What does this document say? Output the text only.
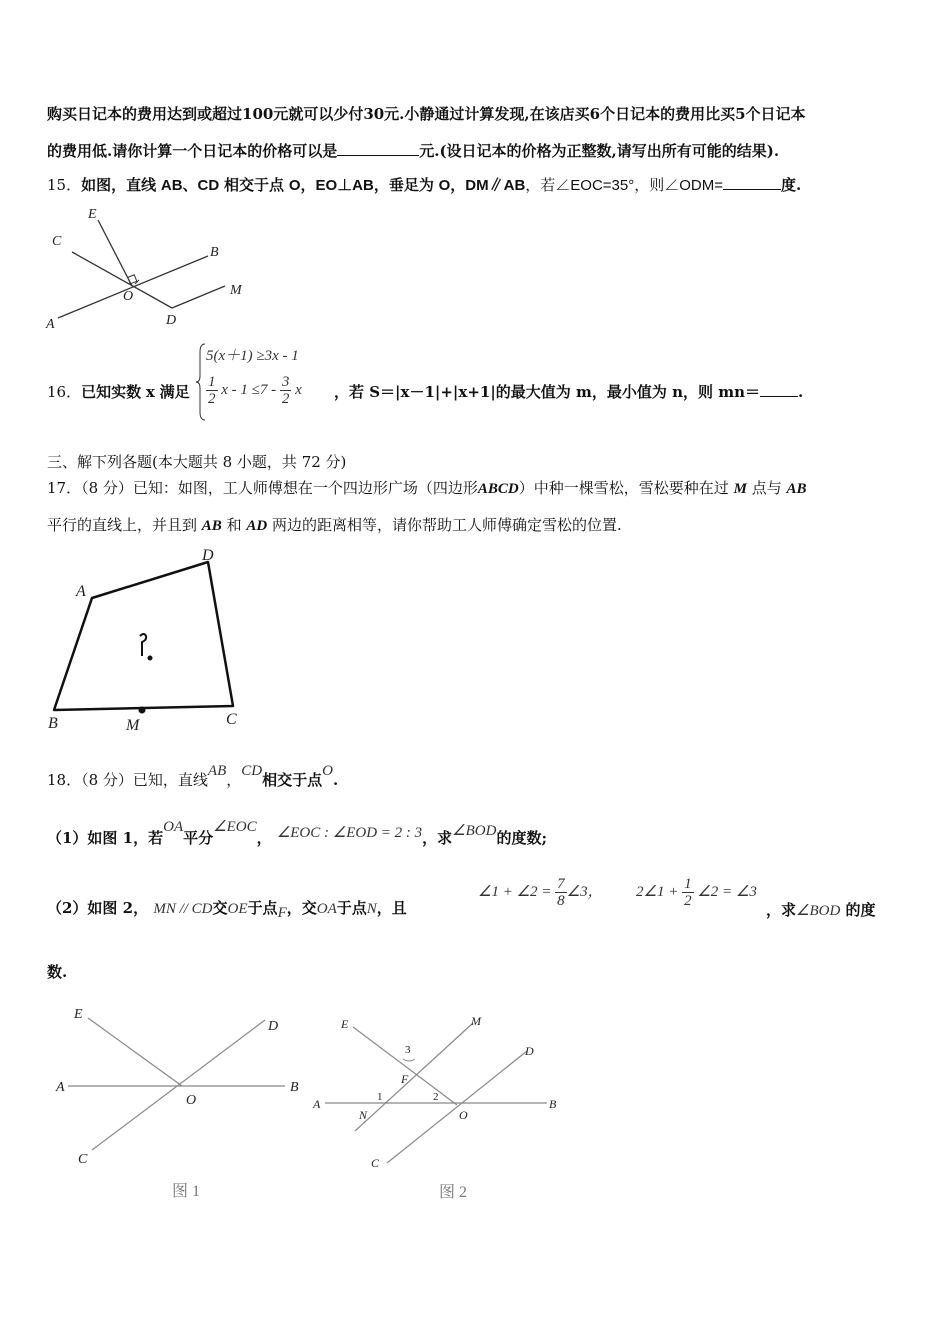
购买日记本的费用达到或超过100元就可以少付30元.小静通过计算发现,在该店买6个日记本的费用比买5个日记本
的费用低.请你计算一个日记本的价格可以是	元.(设日记本的价格为正整数,请写出所有可能的结果).
15．如图，直线 AB、CD 相交于点 O，EO⊥AB，垂足为 O，DM∥AB，若∠EOC=35°，则∠ODM=	度.
E
C
B
O	M
A	D
16．已知实数 x 满足
5(x＋1) ≥3x - 1
$\frac{1}{2}$ $x - 1 \le 7 - \frac{3}{2}$ x ，若 S＝|x－1|+|x+1|的最大值为 m，最小值为 n，则 mn＝	.
三、解下列各题(本大题共 8 小题，共 72 分)
17．（8 分）已知：如图，工人师傅想在一个四边形广场（四边形ABCD）中种一棵雪松，雪松要种在过 M 点与 AB
平行的直线上，并且到 AB 和 AD 两边的距离相等，请你帮助工人师傅确定雪松的位置.
A
D
B	M	C
18．（8 分）已知，直线AB，CD相交于点O.
（1）如图 1，若OA平分∠EOC， ∠EOC : ∠EOD = 2 : 3，求∠BOD的度数;
（2）如图 2， MN // CD交OE于点F，交OA于点N，且
∠1 + ∠2 = $\frac{7}{8}$ ∠3， 2∠1 + $\frac{1}{2}$ ∠2 = ∠3
，求∠BOD 的度
数.
E
D
A
O
B
C
图 1
E	M
D
A
N
1	2
3
F
O
B
C
图 2
